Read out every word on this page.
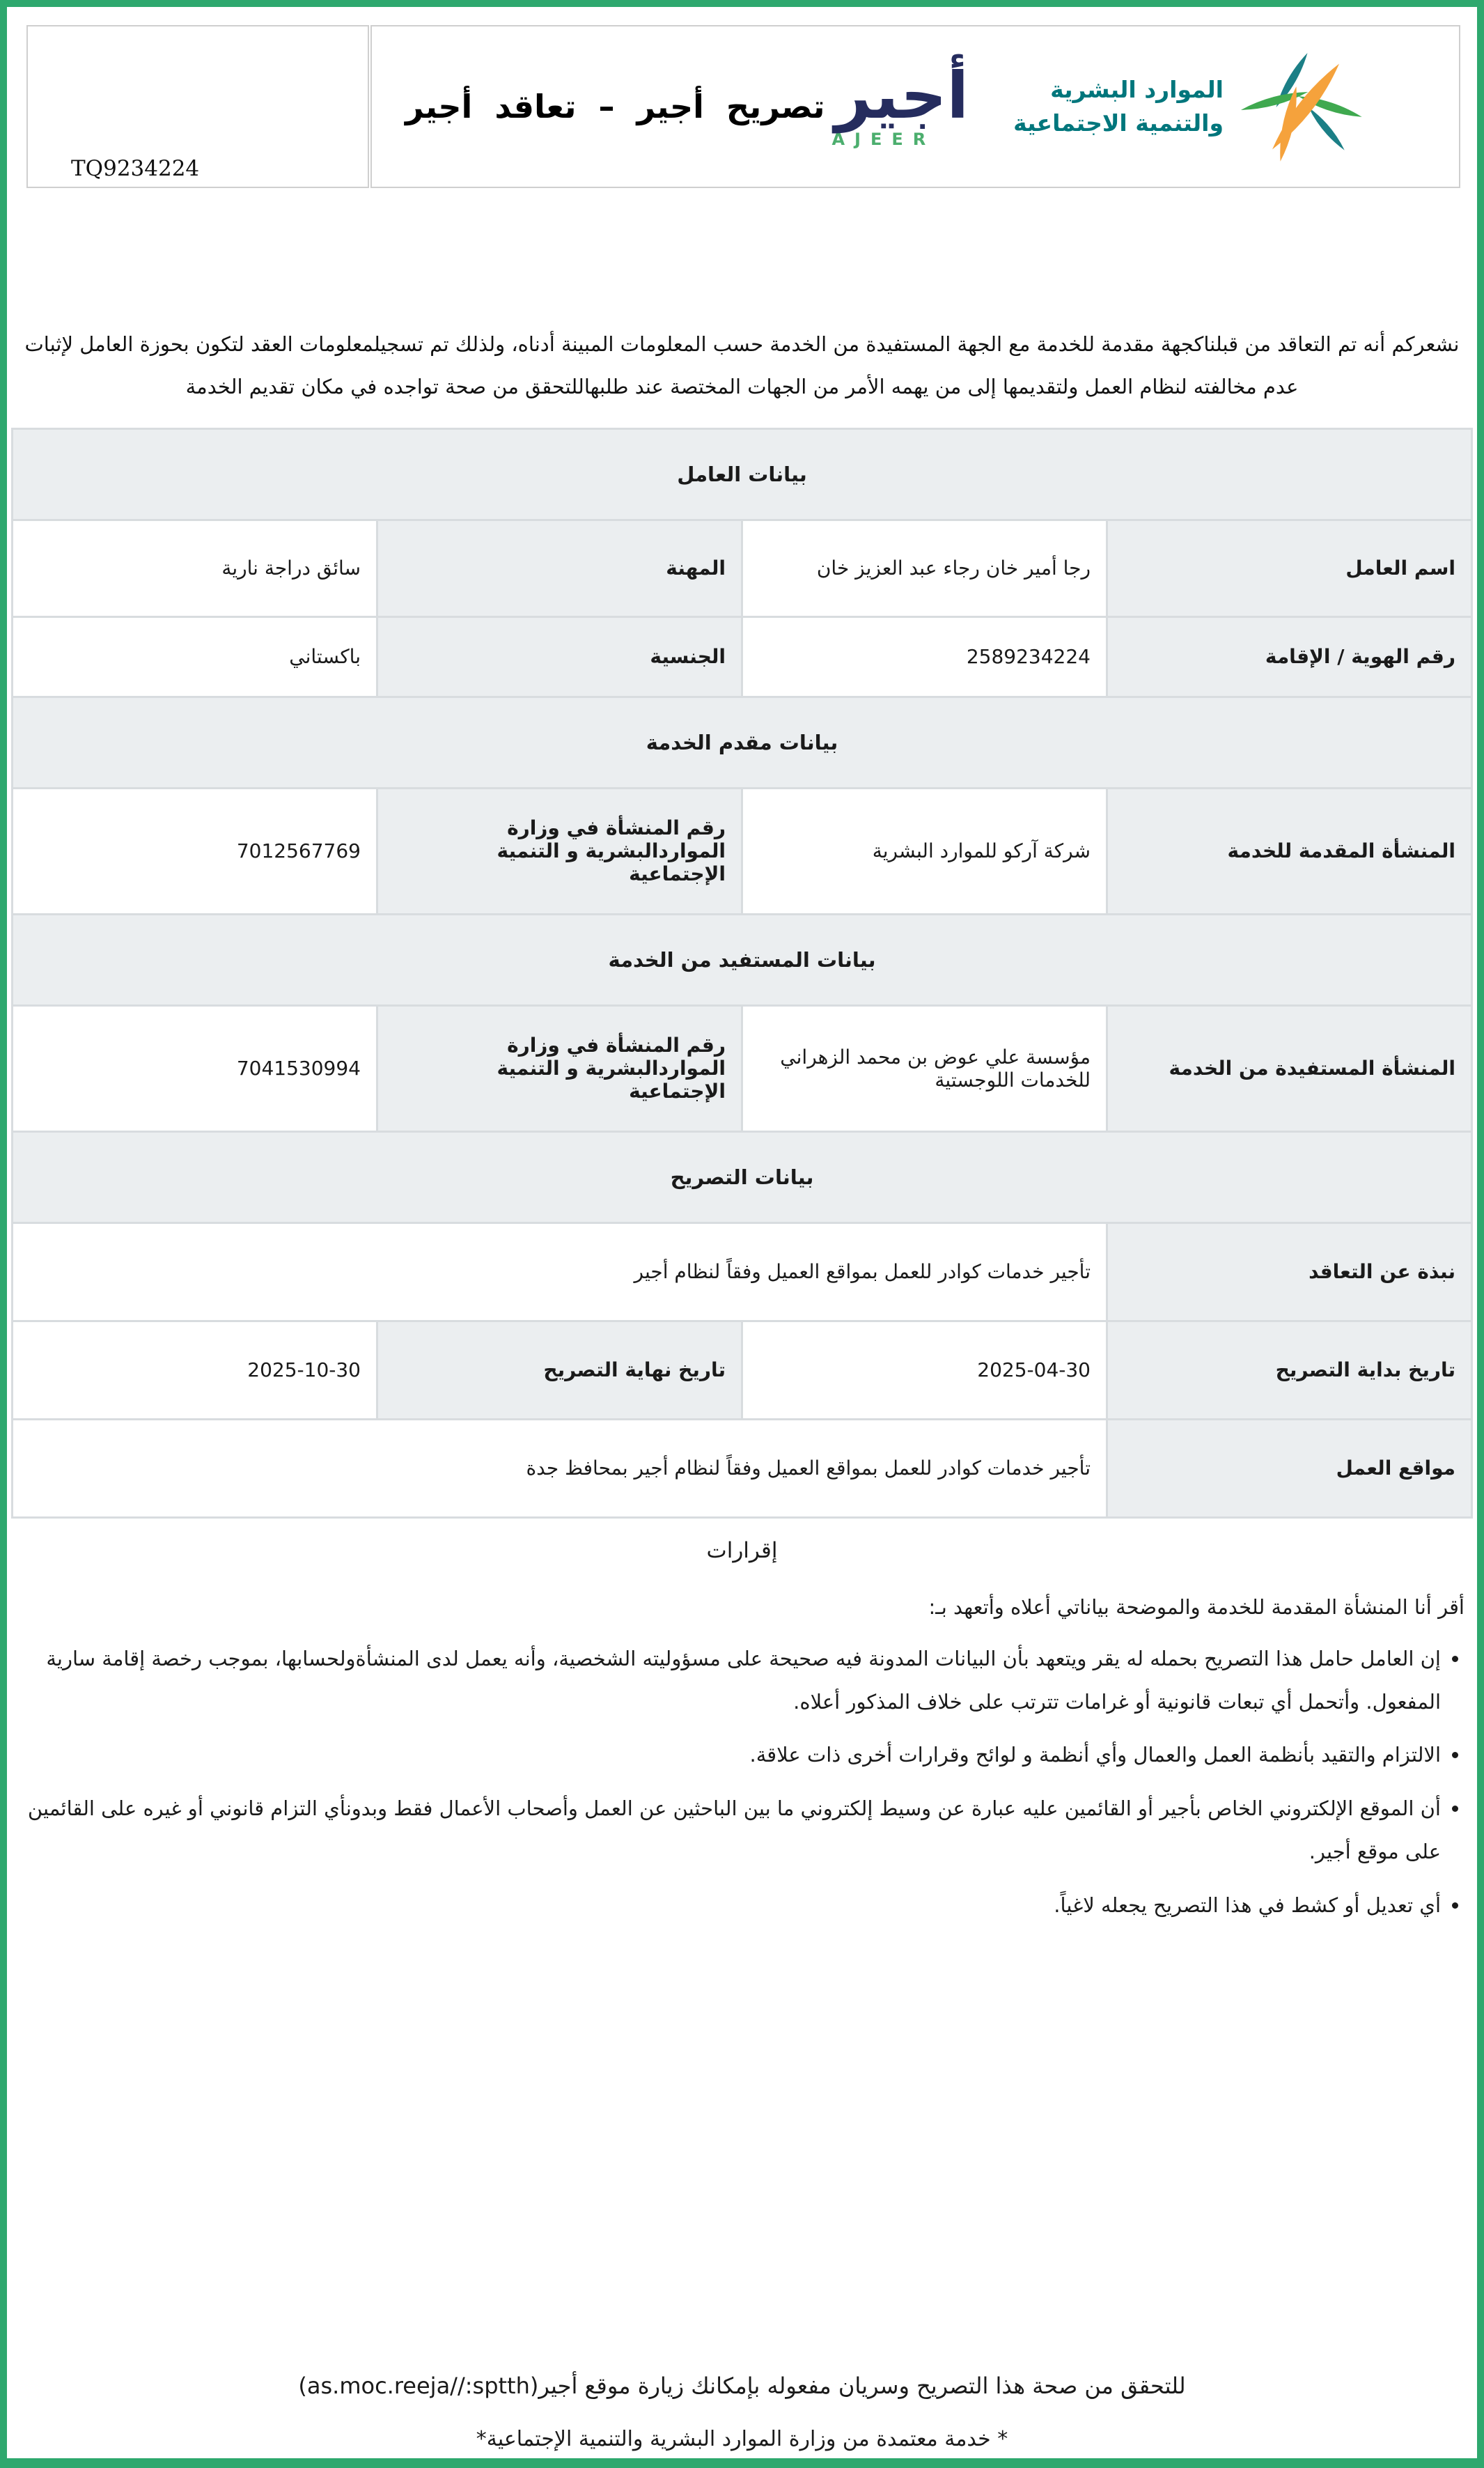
TQ9234224
تصريح أجير – تعاقد أجير أجير
AJEER
الموارد البشرية
والتنمية الاجتماعية
نشعركم أنه تم التعاقد من قبلناكجهة مقدمة للخدمة مع الجهة المستفيدة من الخدمة حسب المعلومات المبينة أدناه، ولذلك تم تسجيلمعلومات العقد لتكون بحوزة العامل لإثبات عدم مخالفته لنظام العمل ولتقديمها إلى من يهمه الأمر من الجهات المختصة عند طلبهاللتحقق من صحة تواجده في مكان تقديم الخدمة
بيانات العامل			
اسم العامل	رجا أمير خان رجاء عبد العزيز خان	المهنة	سائق دراجة نارية
رقم الهوية / الإقامة	2589234224	الجنسية	باكستاني
بيانات مقدم الخدمة			
المنشأة المقدمة للخدمة	شركة آركو للموارد البشرية	رقم المنشأة في وزارة المواردالبشرية و التنمية الإجتماعية	7012567769
بيانات المستفيد من الخدمة			
المنشأة المستفيدة من الخدمة	مؤسسة علي عوض بن محمد الزهراني للخدمات اللوجستية	رقم المنشأة في وزارة المواردالبشرية و التنمية الإجتماعية	7041530994
بيانات التصريح			
نبذة عن التعاقد	تأجير خدمات كوادر للعمل بمواقع العميل وفقاً لنظام أجير		
تاريخ بداية التصريح	2025-04-30	تاريخ نهاية التصريح	2025-10-30
مواقع العمل	تأجير خدمات كوادر للعمل بمواقع العميل وفقاً لنظام أجير بمحافظ جدة		
إقرارات
أقر أنا المنشأة المقدمة للخدمة والموضحة بياناتي أعلاه وأتعهد بـ:
• إن العامل حامل هذا التصريح بحمله له يقر ويتعهد بأن البيانات المدونة فيه صحيحة على مسؤوليته الشخصية، وأنه يعمل لدى المنشأةولحسابها، بموجب رخصة إقامة سارية المفعول. وأتحمل أي تبعات قانونية أو غرامات تترتب على خلاف المذكور أعلاه.
• الالتزام والتقيد بأنظمة العمل والعمال وأي أنظمة و لوائح وقرارات أخرى ذات علاقة.
• أن الموقع الإلكتروني الخاص بأجير أو القائمين عليه عبارة عن وسيط إلكتروني ما بين الباحثين عن العمل وأصحاب الأعمال فقط وبدونأي التزام قانوني أو غيره على القائمين على موقع أجير.
• أي تعديل أو كشط في هذا التصريح يجعله لاغياً.
للتحقق من صحة هذا التصريح وسريان مفعوله بإمكانك زيارة موقع أجير(as.moc.reeja//:sptth)
* خدمة معتمدة من وزارة الموارد البشرية والتنمية الإجتماعية*
